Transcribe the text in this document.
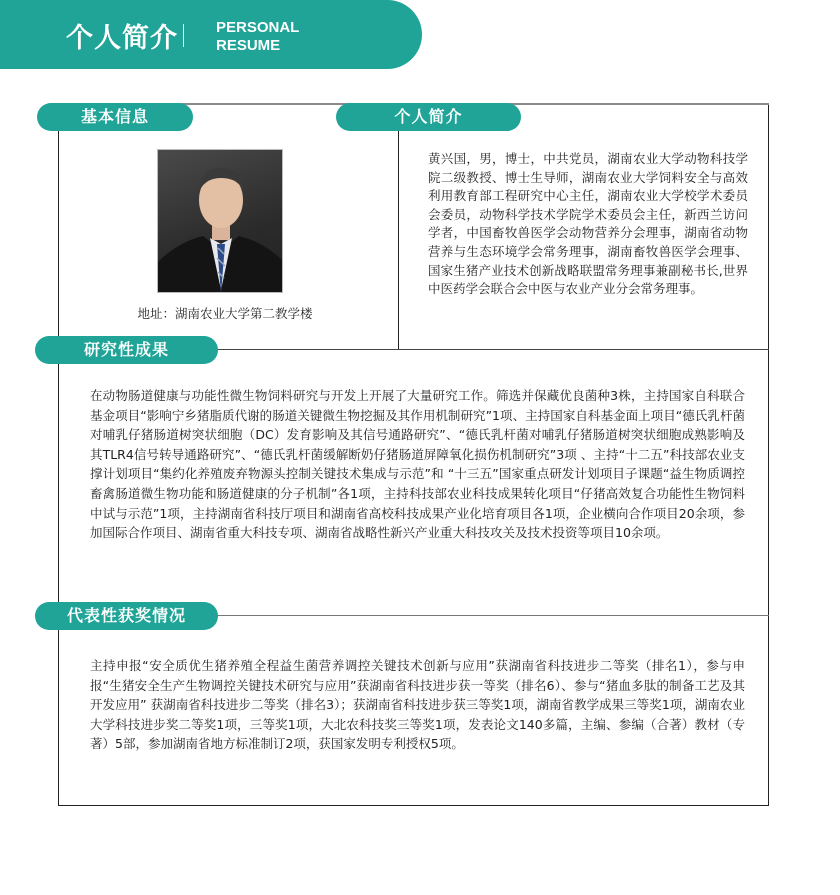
个人简介	PERSONAL
RESUME
基本信息	个人简介
地址：湖南农业大学第二教学楼
黄兴国，男，博士，中共党员，湖南农业大学动物科技学院二级教授、博士生导师，湖南农业大学饲料安全与高效利用教育部工程研究中心主任，湖南农业大学校学术委员会委员，动物科学技术学院学术委员会主任，新西兰访问学者，中国畜牧兽医学会动物营养分会理事，湖南省动物营养与生态环境学会常务理事，湖南畜牧兽医学会理事、国家生猪产业技术创新战略联盟常务理事兼副秘书长,世界中医药学会联合会中医与农业产业分会常务理事。
研究性成果
在动物肠道健康与功能性微生物饲料研究与开发上开展了大量研究工作。筛选并保藏优良菌种3株，主持国家自科联合基金项目“影响宁乡猪脂质代谢的肠道关键微生物挖掘及其作用机制研究”1项、主持国家自科基金面上项目“德氏乳杆菌对哺乳仔猪肠道树突状细胞（DC）发育影响及其信号通路研究”、“德氏乳杆菌对哺乳仔猪肠道树突状细胞成熟影响及其TLR4信号转导通路研究”、“德氏乳杆菌缓解断奶仔猪肠道屏障氧化损伤机制研究”3项 、主持“十二五”科技部农业支撑计划项目“集约化养殖废弃物源头控制关键技术集成与示范”和 “十三五”国家重点研发计划项目子课题“益生物质调控畜禽肠道微生物功能和肠道健康的分子机制”各1项，主持科技部农业科技成果转化项目“仔猪高效复合功能性生物饲料中试与示范”1项，主持湖南省科技厅项目和湖南省高校科技成果产业化培育项目各1项，企业横向合作项目20余项，参加国际合作项目、湖南省重大科技专项、湖南省战略性新兴产业重大科技攻关及技术投资等项目10余项。
代表性获奖情况
主持申报“安全质优生猪养殖全程益生菌营养调控关键技术创新与应用”获湖南省科技进步二等奖（排名1），参与申报“生猪安全生产生物调控关键技术研究与应用”获湖南省科技进步获一等奖（排名6）、参与“猪血多肽的制备工艺及其开发应用” 获湖南省科技进步二等奖（排名3）；获湖南省科技进步获三等奖1项，湖南省教学成果三等奖1项，湖南农业大学科技进步奖二等奖1项，三等奖1项，大北农科技奖三等奖1项，发表论文140多篇，主编、参编（合著）教材（专著）5部，参加湖南省地方标准制订2项，获国家发明专利授权5项。
